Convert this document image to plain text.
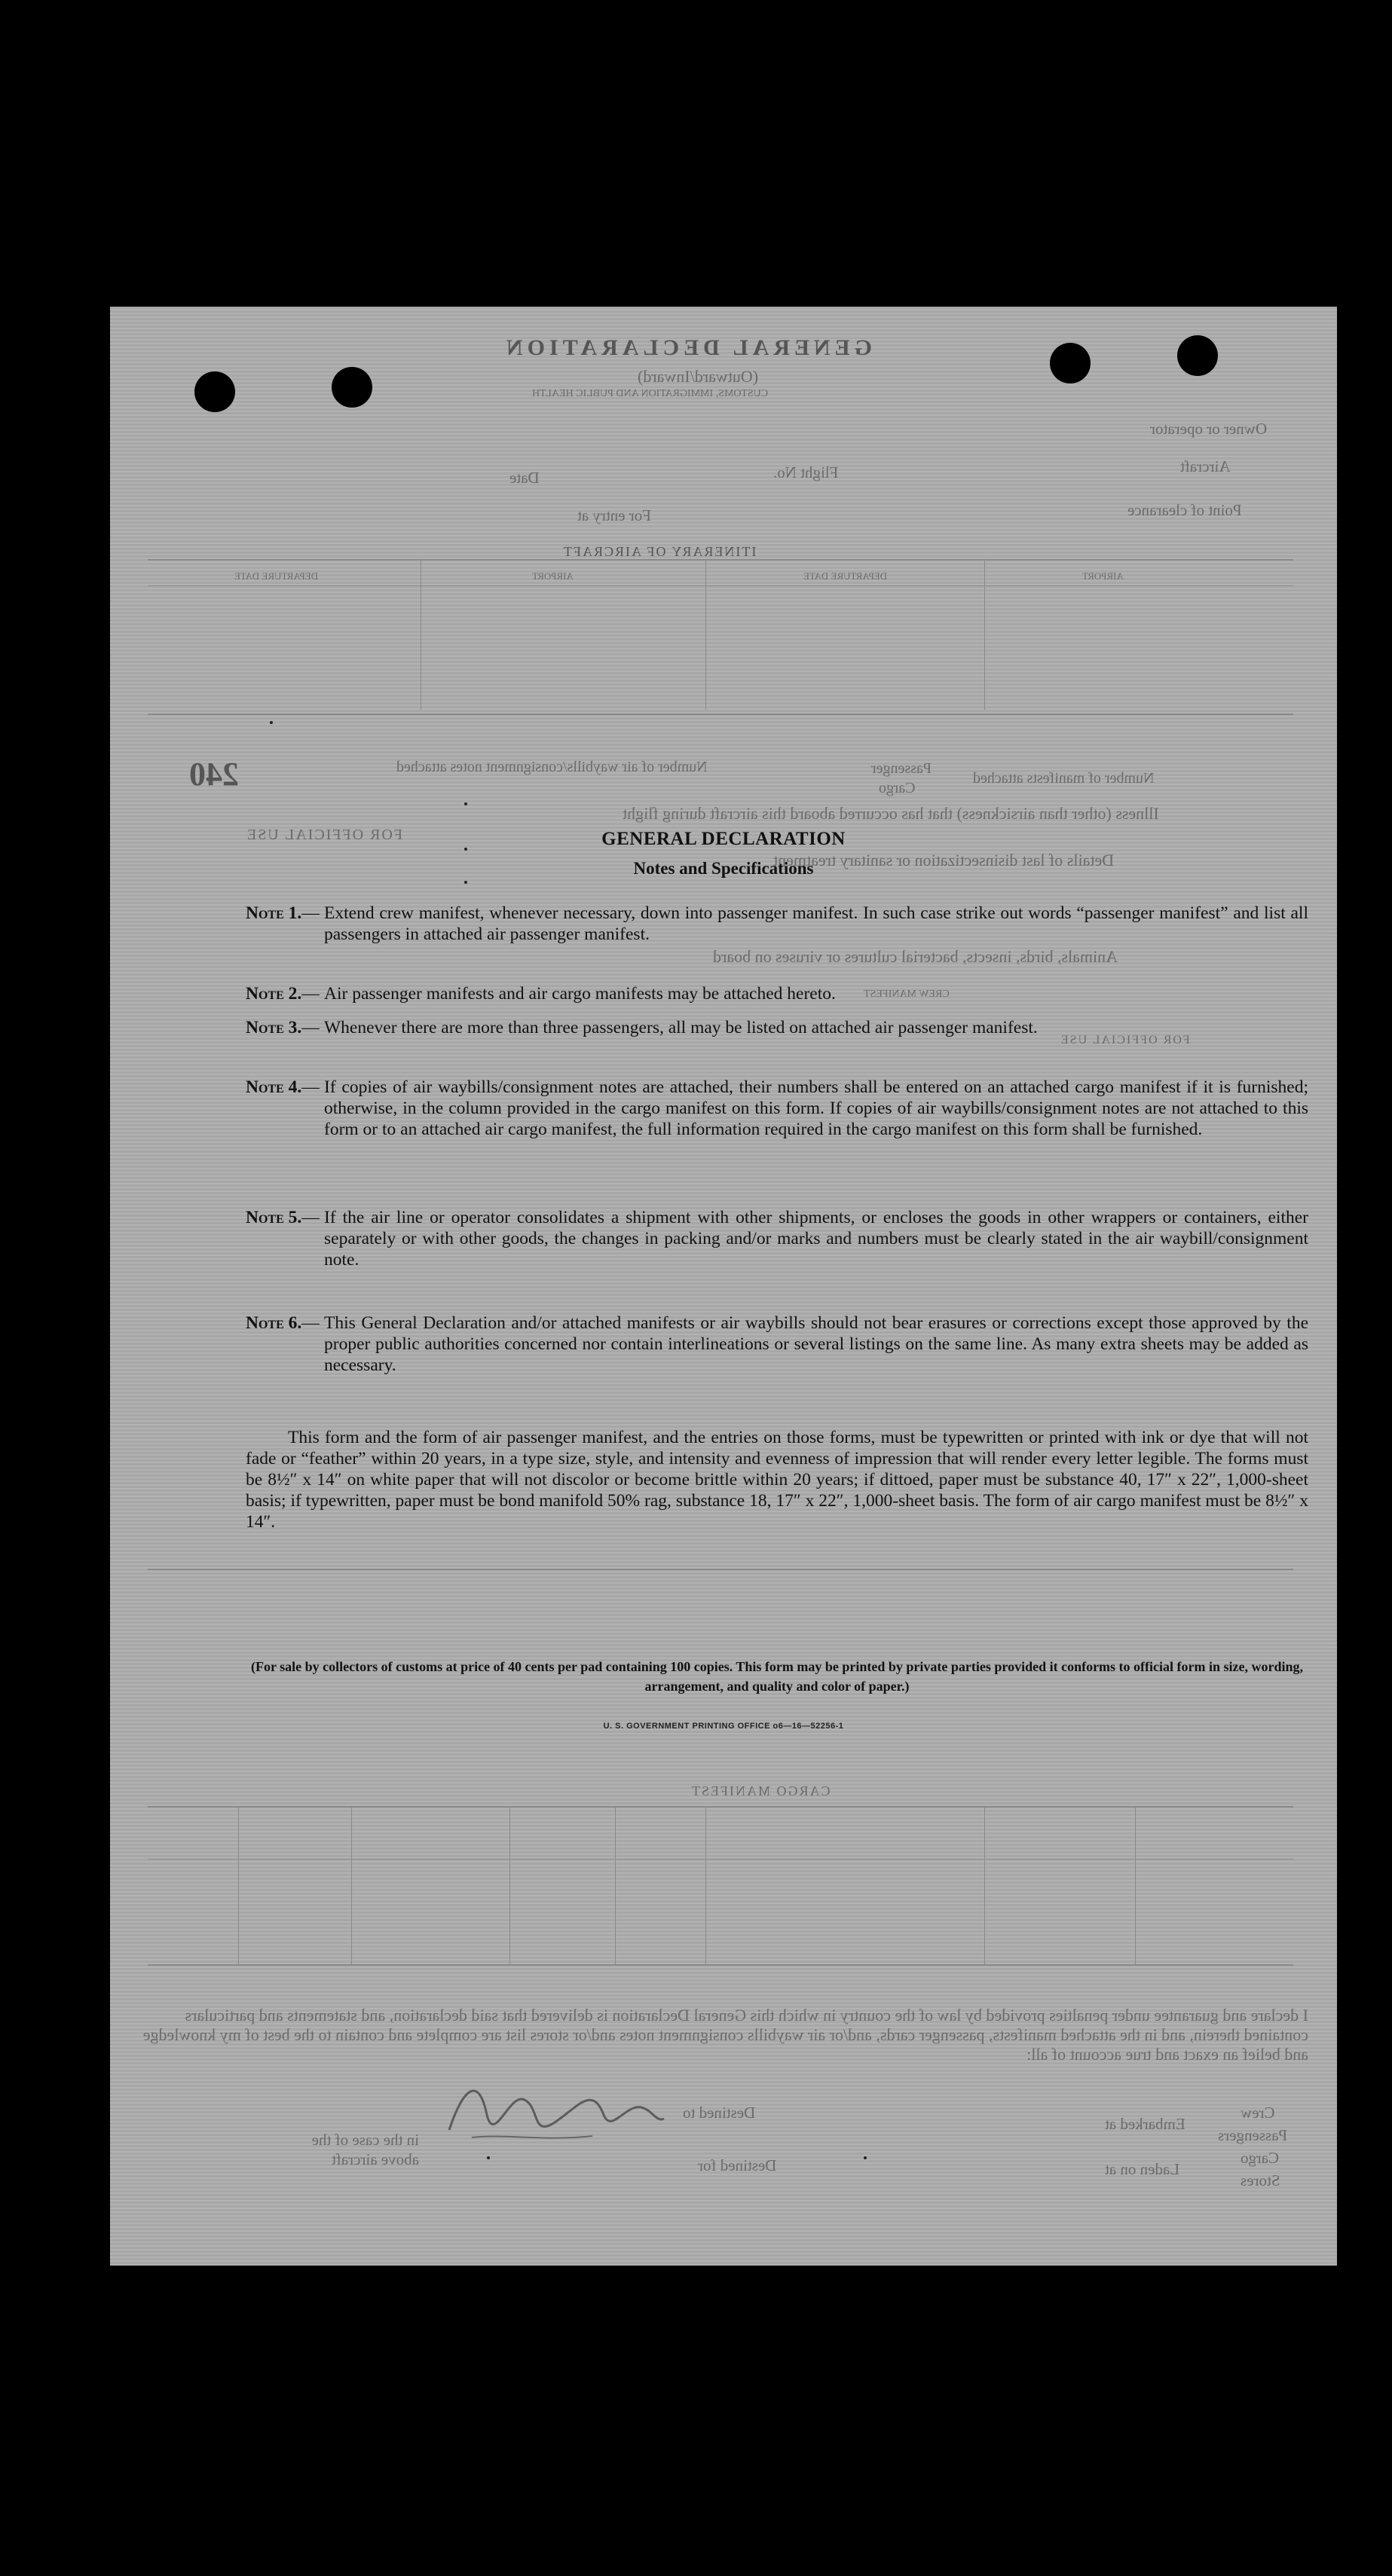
GENERAL DECLARATION
(Outward/Inward)
CUSTOMS, IMMIGRATION AND PUBLIC HEALTH
Owner or operator
Aircraft
Flight No.
Date
Point of clearance
For entry at
ITINERARY OF AIRCRAFT
DEPARTURE DATE	AIRPORT	DEPARTURE DATE	AIRPORT
240	Number of air waybills/consignment notes attached	Passenger
Cargo
Number of manifests attached
Illness (other than airsickness) that has occurred aboard this aircraft during flight
FOR OFFICIAL USE
Details of last disinsectization or sanitary treatment
Animals, birds, insects, bacterial cultures or viruses on board
CREW MANIFEST
FOR OFFICIAL USE
CARGO MANIFEST
I declare and guarantee under penalties provided by law of the country in which this General Declaration is delivered that said declaration, and statements and particulars contained therein, and in the attached manifests, passenger cards, and/or air waybills consignment notes and/or stores list are complete and contain to the best of my knowledge and belief an exact and true account of all:
Crew
Passengers
Cargo
Stores
Embarked at
Destined to
Laden on at
Destined for
in the case of the above aircraft
GENERAL DECLARATION
Notes and Specifications
Note 1.— Extend crew manifest, whenever necessary, down into passenger manifest. In such case strike out words “passenger manifest” and list all passengers in attached air passenger manifest.
Note 2.— Air passenger manifests and air cargo manifests may be attached hereto.
Note 3.— Whenever there are more than three passengers, all may be listed on attached air passenger manifest.
Note 4.— If copies of air waybills/consignment notes are attached, their numbers shall be entered on an attached cargo manifest if it is furnished; otherwise, in the column provided in the cargo manifest on this form. If copies of air waybills/consignment notes are not attached to this form or to an attached air cargo manifest, the full information required in the cargo manifest on this form shall be furnished.
Note 5.— If the air line or operator consolidates a shipment with other shipments, or encloses the goods in other wrappers or containers, either separately or with other goods, the changes in packing and/or marks and numbers must be clearly stated in the air waybill/consignment note.
Note 6.— This General Declaration and/or attached manifests or air waybills should not bear erasures or corrections except those approved by the proper public authorities concerned nor contain interlineations or several listings on the same line. As many extra sheets may be added as necessary.
This form and the form of air passenger manifest, and the entries on those forms, must be typewritten or printed with ink or dye that will not fade or “feather” within 20 years, in a type size, style, and intensity and evenness of impression that will render every letter legible. The forms must be 8½″ x 14″ on white paper that will not discolor or become brittle within 20 years; if dittoed, paper must be substance 40, 17″ x 22″, 1,000-sheet basis; if typewritten, paper must be bond manifold 50% rag, substance 18, 17″ x 22″, 1,000-sheet basis. The form of air cargo manifest must be 8½″ x 14″.
(For sale by collectors of customs at price of 40 cents per pad containing 100 copies. This form may be printed by private parties provided it conforms to official form in size, wording, arrangement, and quality and color of paper.)
U. S. GOVERNMENT PRINTING OFFICE o6—16—52256-1
